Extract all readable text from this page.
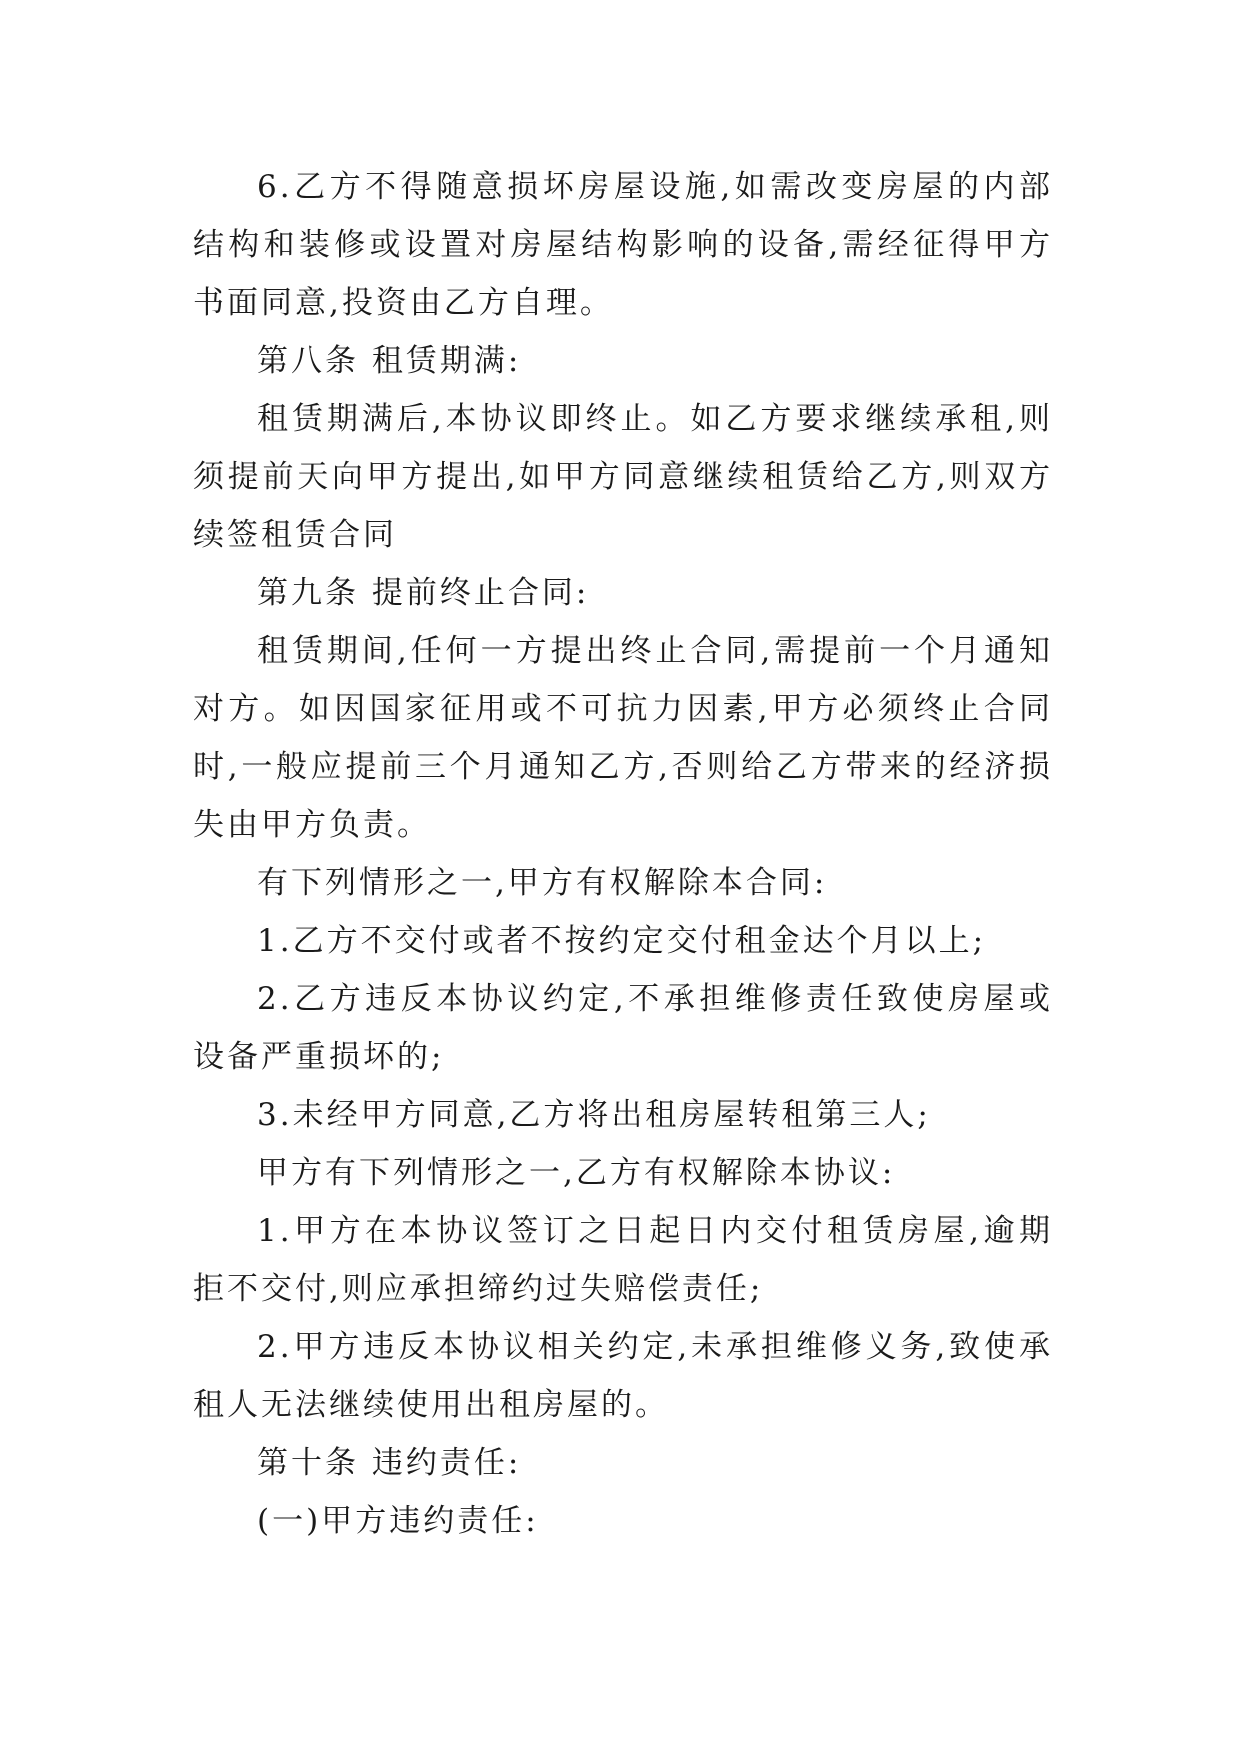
6.乙方不得随意损坏房屋设施,如需改变房屋的内部结构和装修或设置对房屋结构影响的设备,需经征得甲方书面同意,投资由乙方自理。

第八条 租赁期满:

租赁期满后,本协议即终止。如乙方要求继续承租,则须提前天向甲方提出,如甲方同意继续租赁给乙方,则双方续签租赁合同

第九条 提前终止合同:

租赁期间,任何一方提出终止合同,需提前一个月通知对方。如因国家征用或不可抗力因素,甲方必须终止合同时,一般应提前三个月通知乙方,否则给乙方带来的经济损失由甲方负责。

有下列情形之一,甲方有权解除本合同:

1.乙方不交付或者不按约定交付租金达个月以上;

2.乙方违反本协议约定,不承担维修责任致使房屋或设备严重损坏的;

3.未经甲方同意,乙方将出租房屋转租第三人;

甲方有下列情形之一,乙方有权解除本协议:

1.甲方在本协议签订之日起日内交付租赁房屋,逾期拒不交付,则应承担缔约过失赔偿责任;

2.甲方违反本协议相关约定,未承担维修义务,致使承租人无法继续使用出租房屋的。

第十条 违约责任:

(一)甲方违约责任:
